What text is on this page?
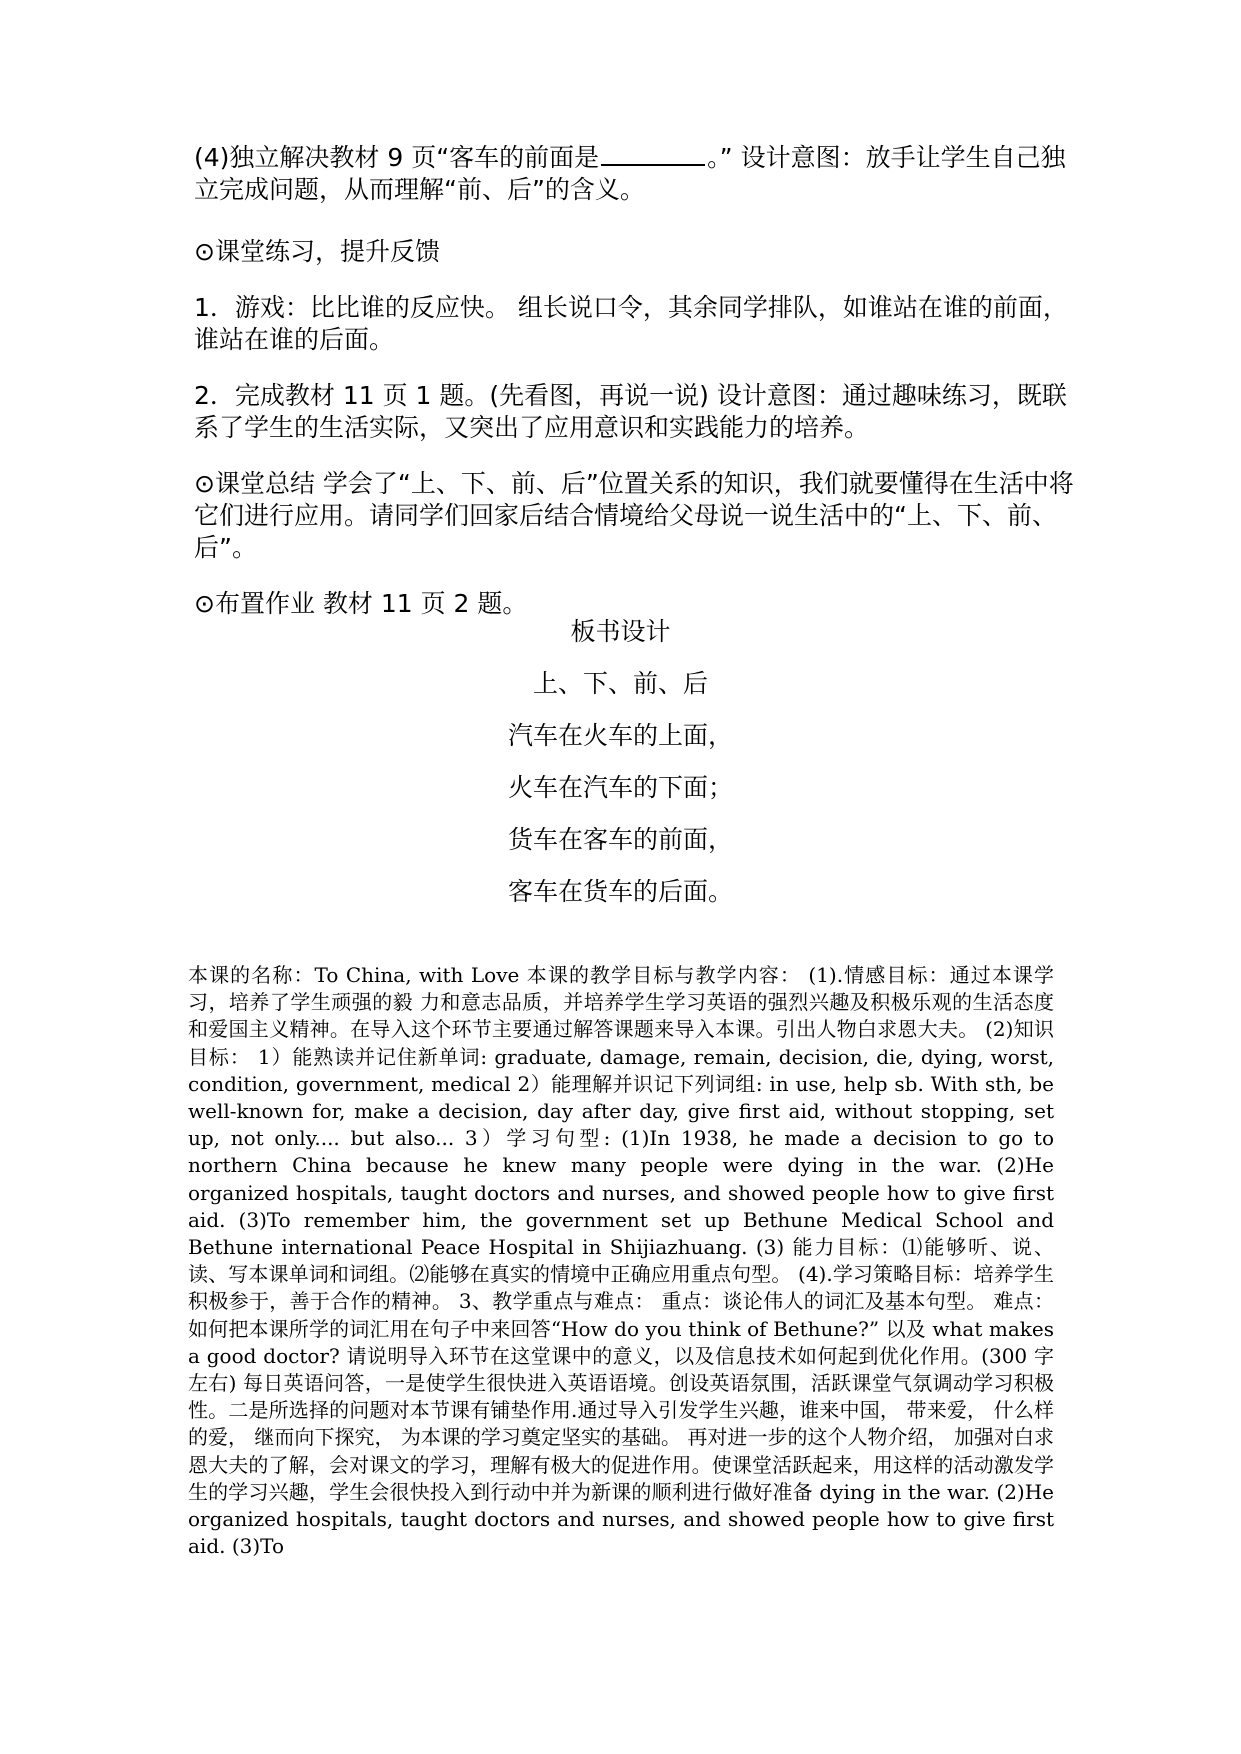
(4)独立解决教材 9 页“客车的前面是	。” 设计意图：放手让学生自己独立完成问题，从而理解“前、后”的含义。

⊙课堂练习，提升反馈

1．游戏：比比谁的反应快。 组长说口令，其余同学排队，如谁站在谁的前面，谁站在谁的后面。

2．完成教材 11 页 1 题。(先看图，再说一说) 设计意图：通过趣味练习，既联系了学生的生活实际，又突出了应用意识和实践能力的培养。

⊙课堂总结 学会了“上、下、前、后”位置关系的知识，我们就要懂得在生活中将它们进行应用。请同学们回家后结合情境给父母说一说生活中的“上、下、前、后”。

⊙布置作业 教材 11 页 2 题。

板书设计

上、下、前、后

汽车在火车的上面，

火车在汽车的下面；

货车在客车的前面，

客车在货车的后面。

本课的名称：To China, with Love 本课的教学目标与教学内容： (1).情感目标：通过本课学习，培养了学生顽强的毅 力和意志品质，并培养学生学习英语的强烈兴趣及积极乐观的生活态度和爱国主义精神。在导入这个环节主要通过解答课题来导入本课。引出人物白求恩大夫。 (2)知识目标： 1）能熟读并记住新单词: graduate, damage, remain, decision, die, dying, worst, condition, government, medical 2）能理解并识记下列词组: in use, help sb. With sth, be well-known for, make a decision, day after day, give first aid, without stopping, set up, not only.... but also... 3）学习句型: (1)In 1938, he made a decision to go to northern China because he knew many people were dying in the war. (2)He organized hospitals, taught doctors and nurses, and showed people how to give first aid. (3)To remember him, the government set up Bethune Medical School and Bethune international Peace Hospital in Shijiazhuang. (3) 能力目标：⑴能够听、说、读、写本课单词和词组。⑵能够在真实的情境中正确应用重点句型。 (4).学习策略目标：培养学生积极参于，善于合作的精神。 3、教学重点与难点： 重点：谈论伟人的词汇及基本句型。 难点：如何把本课所学的词汇用在句子中来回答“How do you think of Bethune?” 以及 what makes a good doctor? 请说明导入环节在这堂课中的意义，以及信息技术如何起到优化作用。(300 字左右) 每日英语问答，一是使学生很快进入英语语境。创设英语氛围，活跃课堂气氛调动学习积极性。二是所选择的问题对本节课有铺垫作用.通过导入引发学生兴趣，谁来中国， 带来爱， 什么样的爱， 继而向下探究， 为本课的学习奠定坚实的基础。 再对进一步的这个人物介绍， 加强对白求恩大夫的了解，会对课文的学习，理解有极大的促进作用。使课堂活跃起来，用这样的活动激发学生的学习兴趣，学生会很快投入到行动中并为新课的顺利进行做好准备 dying in the war. (2)He organized hospitals, taught doctors and nurses, and showed people how to give first aid. (3)To
